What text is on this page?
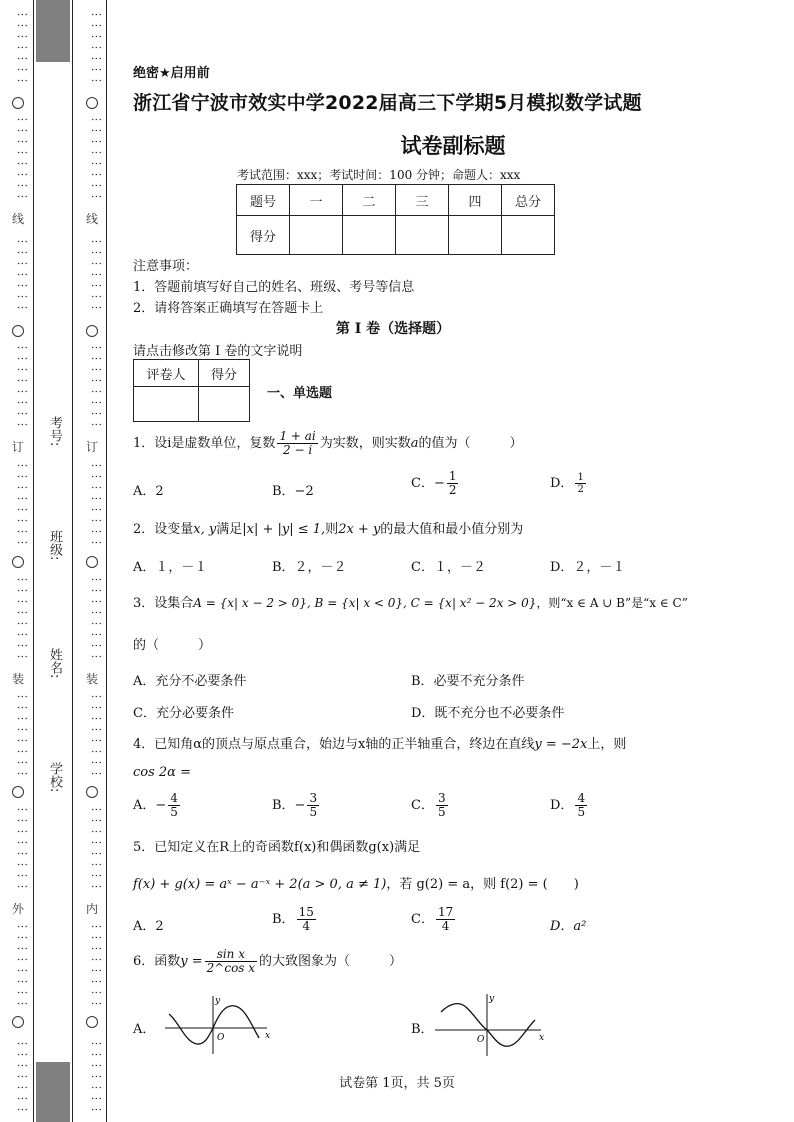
⋮⋮⋮⋮⋮⋮⋮
⋮⋮⋮⋮⋮⋮⋮⋮
线
⋮⋮⋮⋮⋮⋮⋮
⋮⋮⋮⋮⋮⋮⋮⋮
订
⋮⋮⋮⋮⋮⋮⋮⋮
⋮⋮⋮⋮⋮⋮⋮⋮
装
⋮⋮⋮⋮⋮⋮⋮⋮
⋮⋮⋮⋮⋮⋮⋮⋮
外
⋮⋮⋮⋮⋮⋮⋮⋮
⋮⋮⋮⋮⋮⋮⋮
考号:
班级:
姓名:
学校:
⋮⋮⋮⋮⋮⋮⋮
⋮⋮⋮⋮⋮⋮⋮⋮
线
⋮⋮⋮⋮⋮⋮⋮
⋮⋮⋮⋮⋮⋮⋮⋮
订
⋮⋮⋮⋮⋮⋮⋮⋮
⋮⋮⋮⋮⋮⋮⋮⋮
装
⋮⋮⋮⋮⋮⋮⋮⋮
⋮⋮⋮⋮⋮⋮⋮⋮
内
⋮⋮⋮⋮⋮⋮⋮⋮
⋮⋮⋮⋮⋮⋮⋮
绝密★启用前
浙江省宁波市效实中学2022届高三下学期5月模拟数学试题
试卷副标题
考试范围：xxx；考试时间：100 分钟；命题人：xxx
题号	一	二	三	四	总分
得分					
注意事项：
1．答题前填写好自己的姓名、班级、考号等信息
2．请将答案正确填写在答题卡上
第 I 卷（选择题）
请点击修改第 I 卷的文字说明
评卷人	得分

一、单选题
1．设i是虚数单位，复数 $\frac{1 + ai}{2 - i}$ 为实数，则实数a的值为（　　　）
A．2	B．−2
C．− $\frac{1}{2}$	D． $\frac{1}{2}$
2．设变量x, y满足|x| + |y| ≤ 1,则2x + y的最大值和最小值分别为
A．１，－１	B．２，－２	C．１，－２	D．２，－１
3．设集合A = {x| x − 2 > 0}, B = {x| x < 0}, C = {x| x² − 2x > 0}，则“x ∈ A ∪ B”是“x ∈ C”
的（　　　）
A．充分不必要条件	B．必要不充分条件
C．充分必要条件	D．既不充分也不必要条件
4．已知角α的顶点与原点重合，始边与x轴的正半轴重合，终边在直线y = −2x上，则
cos 2α =
A．− $\frac{4}{5}$	B．− $\frac{3}{5}$	C． $\frac{3}{5}$	D． $\frac{4}{5}$
5．已知定义在R上的奇函数f(x)和偶函数g(x)满足
f(x) + g(x) = aˣ − a⁻ˣ + 2(a > 0, a ≠ 1)，若 g(2) = a，则 f(2) = (　　)
A．2	B． $\frac{15}{4}$	C． $\frac{17}{4}$	D．a²
6．函数$y = \frac{\text{sin x}}{\text{2\textasciicircum{}cos x}}$ 的大致图象为（　　　）
A．
y
x
O
B．
y
x
O
试卷第 1页，共 5页
